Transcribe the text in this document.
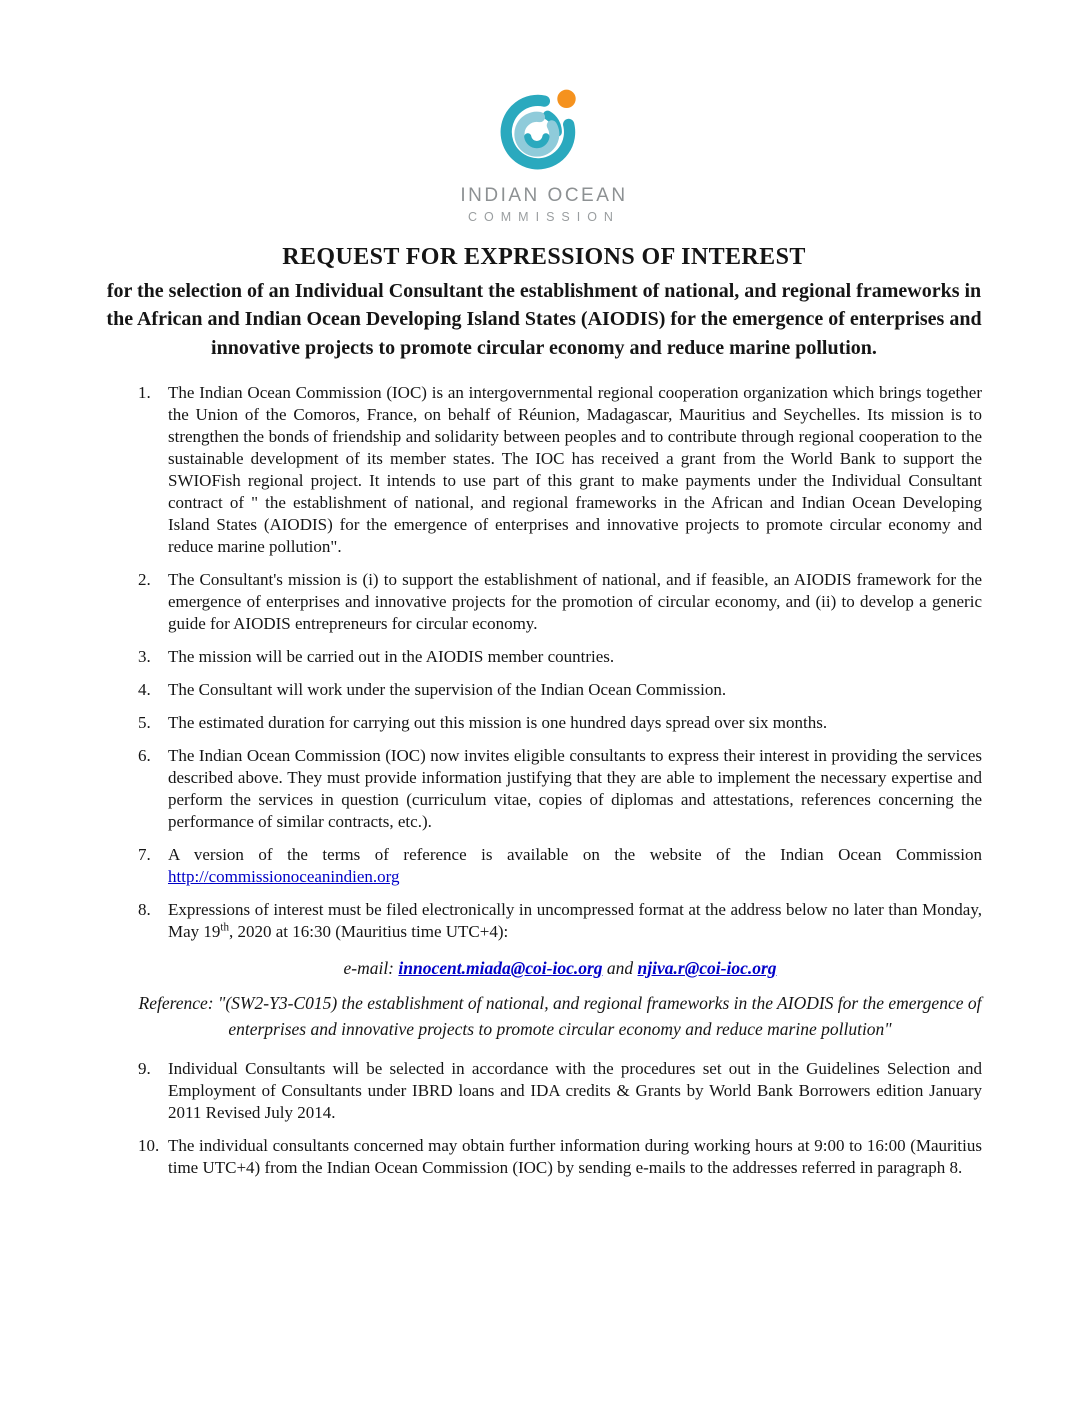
INDIAN OCEAN
COMMISSION
REQUEST FOR EXPRESSIONS OF INTEREST
for the selection of an Individual Consultant the establishment of national, and regional frameworks in the African and Indian Ocean Developing Island States (AIODIS) for the emergence of enterprises and innovative projects to promote circular economy and reduce marine pollution.
1.	The Indian Ocean Commission (IOC) is an intergovernmental regional cooperation organization which brings together the Union of the Comoros, France, on behalf of Réunion, Madagascar, Mauritius and Seychelles. Its mission is to strengthen the bonds of friendship and solidarity between peoples and to contribute through regional cooperation to the sustainable development of its member states. The IOC has received a grant from the World Bank to support the SWIOFish regional project. It intends to use part of this grant to make payments under the Individual Consultant contract of " the establishment of national, and regional frameworks in the African and Indian Ocean Developing Island States (AIODIS) for the emergence of enterprises and innovative projects to promote circular economy and reduce marine pollution".

2.	The Consultant's mission is (i) to support the establishment of national, and if feasible, an AIODIS framework for the emergence of enterprises and innovative projects for the promotion of circular economy, and (ii) to develop a generic guide for AIODIS entrepreneurs for circular economy.

3.	The mission will be carried out in the AIODIS member countries.

4.	The Consultant will work under the supervision of the Indian Ocean Commission.

5.	The estimated duration for carrying out this mission is one hundred days spread over six months.

6.	The Indian Ocean Commission (IOC) now invites eligible consultants to express their interest in providing the services described above. They must provide information justifying that they are able to implement the necessary expertise and perform the services in question (curriculum vitae, copies of diplomas and attestations, references concerning the performance of similar contracts, etc.).

7.	A version of the terms of reference is available on the website of the Indian Ocean Commission http://commissionoceanindien.org

8.	Expressions of interest must be filed electronically in uncompressed format at the address below no later than Monday, May 19th, 2020 at 16:30 (Mauritius time UTC+4):

e-mail: innocent.miada@coi-ioc.org and njiva.r@coi-ioc.org

Reference: "(SW2-Y3-C015) the establishment of national, and regional frameworks in the AIODIS for the emergence of enterprises and innovative projects to promote circular economy and reduce marine pollution"

9.	Individual Consultants will be selected in accordance with the procedures set out in the Guidelines Selection and Employment of Consultants under IBRD loans and IDA credits & Grants by World Bank Borrowers edition January 2011 Revised July 2014.

10. The individual consultants concerned may obtain further information during working hours at 9:00 to 16:00 (Mauritius time UTC+4) from the Indian Ocean Commission (IOC) by sending e-mails to the addresses referred in paragraph 8.
